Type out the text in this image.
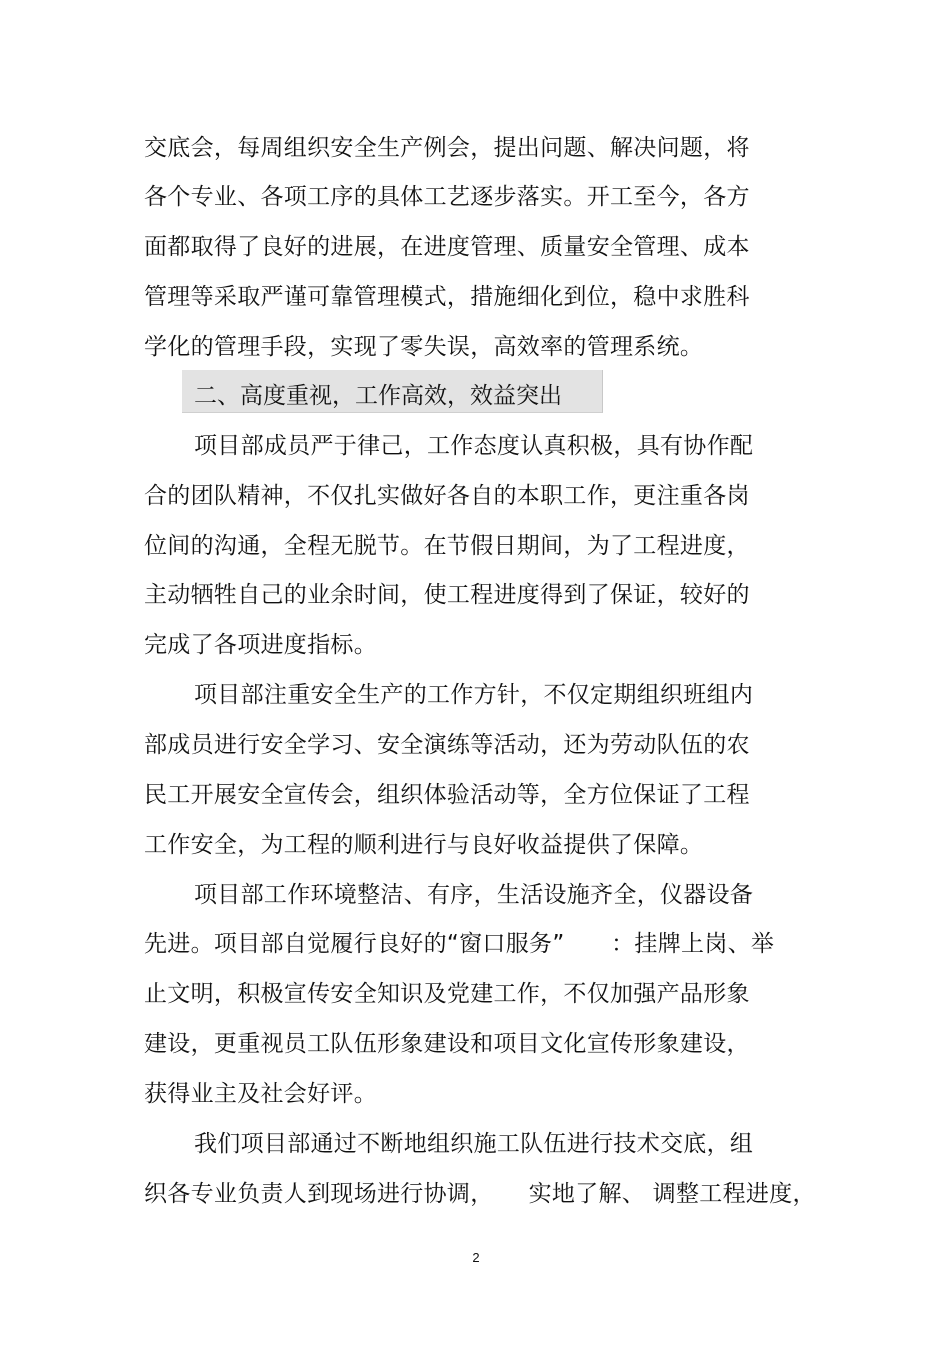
交底会，每周组织安全生产例会，提出问题、解决问题，将
各个专业、各项工序的具体工艺逐步落实。开工至今，各方
面都取得了良好的进展，在进度管理、质量安全管理、成本
管理等采取严谨可靠管理模式，措施细化到位，稳中求胜科
学化的管理手段，实现了零失误，高效率的管理系统。
二、高度重视，工作高效，效益突出
项目部成员严于律己，工作态度认真积极，具有协作配
合的团队精神，不仅扎实做好各自的本职工作，更注重各岗
位间的沟通，全程无脱节。在节假日期间，为了工程进度，
主动牺牲自己的业余时间，使工程进度得到了保证，较好的
完成了各项进度指标。
项目部注重安全生产的工作方针，不仅定期组织班组内
部成员进行安全学习、安全演练等活动，还为劳动队伍的农
民工开展安全宣传会，组织体验活动等，全方位保证了工程
工作安全，为工程的顺利进行与良好收益提供了保障。
项目部工作环境整洁、有序，生活设施齐全，仪器设备
先进。项目部自觉履行良好的“窗口服务”　　：挂牌上岗、举
止文明，积极宣传安全知识及党建工作，不仅加强产品形象
建设，更重视员工队伍形象建设和项目文化宣传形象建设，
获得业主及社会好评。
我们项目部通过不断地组织施工队伍进行技术交底，组
织各专业负责人到现场进行协调，　　实地了解、 调整工程进度，
2
